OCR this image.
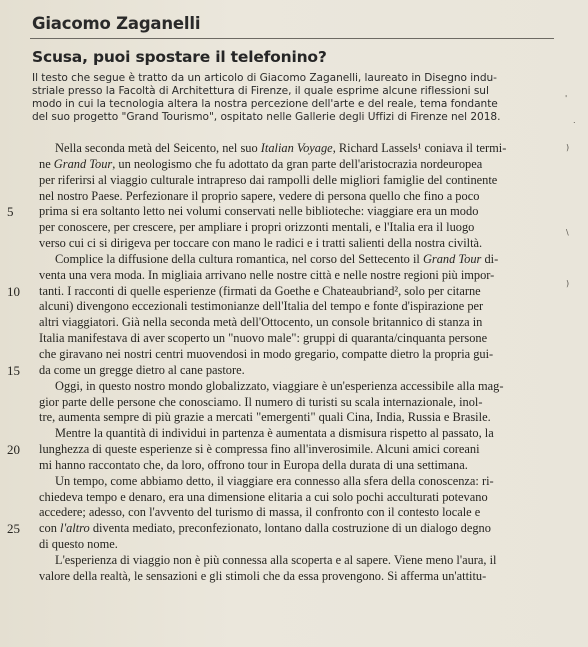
Giacomo Zaganelli
Scusa, puoi spostare il telefonino?
Il testo che segue è tratto da un articolo di Giacomo Zaganelli, laureato in Disegno indu-
striale presso la Facoltà di Architettura di Firenze, il quale esprime alcune riflessioni sul
modo in cui la tecnologia altera la nostra percezione dell'arte e del reale, tema fondante
del suo progetto "Grand Tourismo", ospitato nelle Gallerie degli Uffizi di Firenze nel 2018.
Nella seconda metà del Seicento, nel suo Italian Voyage, Richard Lassels¹ coniava il termi-
ne Grand Tour, un neologismo che fu adottato da gran parte dell'aristocrazia nordeuropea
per riferirsi al viaggio culturale intrapreso dai rampolli delle migliori famiglie del continente
nel nostro Paese. Perfezionare il proprio sapere, vedere di persona quello che fino a poco
5	prima si era soltanto letto nei volumi conservati nelle biblioteche: viaggiare era un modo
per conoscere, per crescere, per ampliare i propri orizzonti mentali, e l'Italia era il luogo
verso cui ci si dirigeva per toccare con mano le radici e i tratti salienti della nostra civiltà.
Complice la diffusione della cultura romantica, nel corso del Settecento il Grand Tour di-
venta una vera moda. In migliaia arrivano nelle nostre città e nelle nostre regioni più impor-
10	tanti. I racconti di quelle esperienze (firmati da Goethe e Chateaubriand², solo per citarne
alcuni) divengono eccezionali testimonianze dell'Italia del tempo e fonte d'ispirazione per
altri viaggiatori. Già nella seconda metà dell'Ottocento, un console britannico di stanza in
Italia manifestava di aver scoperto un "nuovo male": gruppi di quaranta/cinquanta persone
che giravano nei nostri centri muovendosi in modo gregario, compatte dietro la propria gui-
15	da come un gregge dietro al cane pastore.
Oggi, in questo nostro mondo globalizzato, viaggiare è un'esperienza accessibile alla mag-
gior parte delle persone che conosciamo. Il numero di turisti su scala internazionale, inol-
tre, aumenta sempre di più grazie a mercati "emergenti" quali Cina, India, Russia e Brasile.
Mentre la quantità di individui in partenza è aumentata a dismisura rispetto al passato, la
20	lunghezza di queste esperienze si è compressa fino all'inverosimile. Alcuni amici coreani
mi hanno raccontato che, da loro, offrono tour in Europa della durata di una settimana.
Un tempo, come abbiamo detto, il viaggiare era connesso alla sfera della conoscenza: ri-
chiedeva tempo e denaro, era una dimensione elitaria a cui solo pochi acculturati potevano
accedere; adesso, con l'avvento del turismo di massa, il confronto con il contesto locale e
25	con l'altro diventa mediato, preconfezionato, lontano dalla costruzione di un dialogo degno
di questo nome.
L'esperienza di viaggio non è più connessa alla scoperta e al sapere. Viene meno l'aura, il
valore della realtà, le sensazioni e gli stimoli che da essa provengono. Si afferma un'attitu-
'
.
)
\
)
